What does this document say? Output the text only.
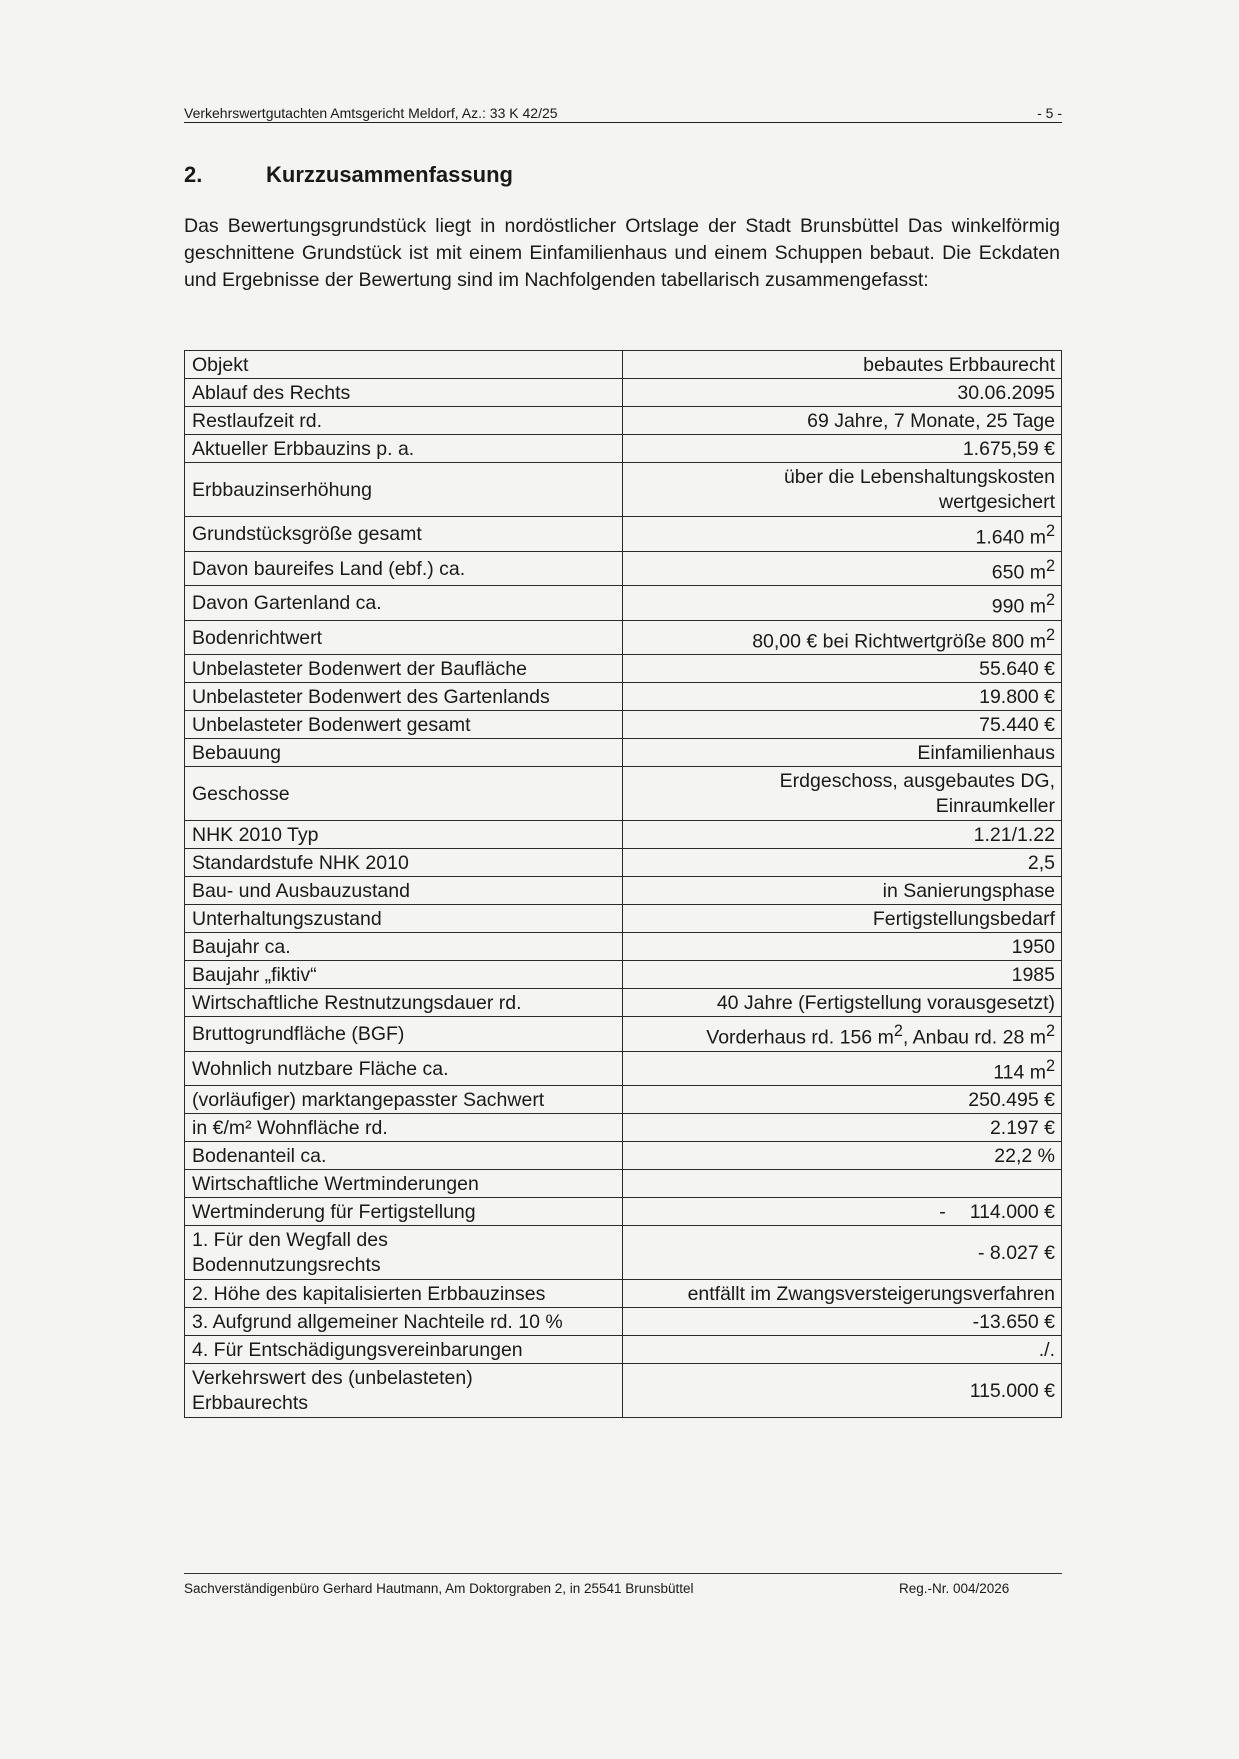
Verkehrswertgutachten Amtsgericht Meldorf, Az.: 33 K 42/25	- 5 -
2.	Kurzzusammenfassung

Das Bewertungsgrundstück liegt in nordöstlicher Ortslage der Stadt Brunsbüttel Das winkelförmig geschnittene Grundstück ist mit einem Einfamilienhaus und einem Schuppen bebaut. Die Eckdaten und Ergebnisse der Bewertung sind im Nachfolgenden tabellarisch zusammengefasst:

Objekt	bebautes Erbbaurecht
Ablauf des Rechts	30.06.2095
Restlaufzeit rd.	69 Jahre, 7 Monate, 25 Tage
Aktueller Erbbauzins p. a.	1.675,59 €
Erbbauzinserhöhung	über die Lebenshaltungskosten
wertgesichert
Grundstücksgröße gesamt	1.640 $m^2$
Davon baureifes Land (ebf.) ca.	650 $m^2$
Davon Gartenland ca.	990 $m^2$
Bodenrichtwert	80,00 € bei Richtwertgröße 800 $m^2$
Unbelasteter Bodenwert der Baufläche	55.640 €
Unbelasteter Bodenwert des Gartenlands	19.800 €
Unbelasteter Bodenwert gesamt	75.440 €
Bebauung	Einfamilienhaus
Geschosse	Erdgeschoss, ausgebautes DG,
Einraumkeller
NHK 2010 Typ	1.21/1.22
Standardstufe NHK 2010	2,5
Bau- und Ausbauzustand	in Sanierungsphase
Unterhaltungszustand	Fertigstellungsbedarf
Baujahr ca.	1950
Baujahr „fiktiv“	1985
Wirtschaftliche Restnutzungsdauer rd.	40 Jahre (Fertigstellung vorausgesetzt)
Bruttogrundfläche (BGF)	Vorderhaus rd. 156 $m^2$, Anbau rd. 28 $m^2$
Wohnlich nutzbare Fläche ca.	114 $m^2$
(vorläufiger) marktangepasster Sachwert	250.495 €
in €/m² Wohnfläche rd.	2.197 €
Bodenanteil ca.	22,2 %
Wirtschaftliche Wertminderungen	
Wertminderung für Fertigstellung	- 114.000 €
1. Für den Wegfall des
Bodennutzungsrechts	- 8.027 €
2. Höhe des kapitalisierten Erbbauzinses	entfällt im Zwangsversteigerungsverfahren
3. Aufgrund allgemeiner Nachteile rd. 10 %	-13.650 €
4. Für Entschädigungsvereinbarungen	./.
Verkehrswert des (unbelasteten)
Erbbaurechts	115.000 €
Sachverständigenbüro Gerhard Hautmann, Am Doktorgraben 2, in 25541 Brunsbüttel	Reg.-Nr. 004/2026
